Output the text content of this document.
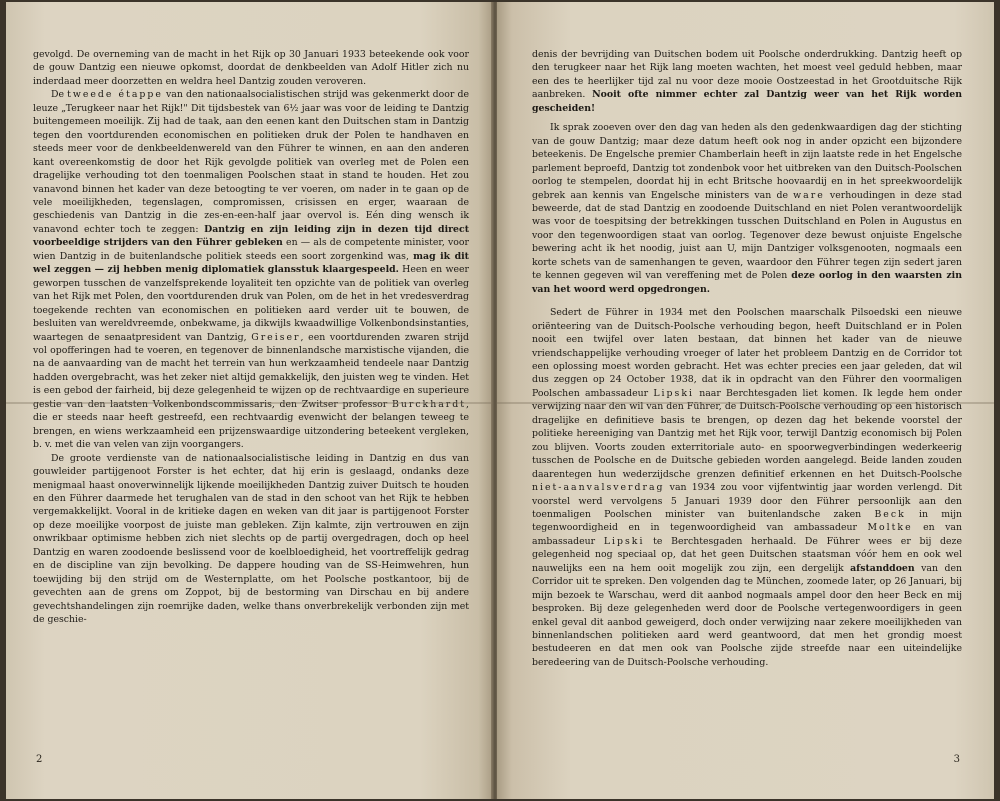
gevolgd. De overneming van de macht in het Rijk op 30 Januari 1933 beteekende ook voor de gouw Dantzig een nieuwe opkomst, doordat de denkbeelden van Adolf Hitler zich nu inderdaad meer doorzetten en weldra heel Dantzig zouden veroveren.

De tweede étappe van den nationaalsocialistischen strijd was gekenmerkt door de leuze „Terugkeer naar het Rijk!" Dit tijdsbestek van 6½ jaar was voor de leiding te Dantzig buitengemeen moeilijk. Zij had de taak, aan den eenen kant den Duitschen stam in Dantzig tegen den voortdurenden economischen en politieken druk der Polen te handhaven en steeds meer voor de denkbeeldenwereld van den Führer te winnen, en aan den anderen kant overeenkomstig de door het Rijk gevolgde politiek van overleg met de Polen een dragelijke verhouding tot den toenmaligen Poolschen staat in stand te houden. Het zou vanavond binnen het kader van deze betoogting te ver voeren, om nader in te gaan op de vele moeilijkheden, tegenslagen, compromissen, crisissen en erger, waaraan de geschiedenis van Dantzig in die zes-en-een-half jaar overvol is. Eén ding wensch ik vanavond echter toch te zeggen: Dantzig en zijn leiding zijn in dezen tijd direct voorbeeldige strijders van den Führer gebleken en — als de competente minister, voor wien Dantzig in de buitenlandsche politiek steeds een soort zorgenkind was, mag ik dit wel zeggen — zij hebben menig diplomatiek glansstuk klaargespeeld. Heen en weer geworpen tusschen de vanzelfsprekende loyaliteit ten opzichte van de politiek van overleg van het Rijk met Polen, den voortdurenden druk van Polen, om de het in het vredesverdrag toegekende rechten van economischen en politieken aard verder uit te bouwen, de besluiten van wereldvreemde, onbekwame, ja dikwijls kwaadwillige Volkenbondsinstanties, waartegen de senaatpresident van Dantzig, Greiser, een voortdurenden zwaren strijd vol opofferingen had te voeren, en tegenover de binnenlandsche marxistische vijanden, die na de aanvaarding van de macht het terrein van hun werkzaamheid tendeele naar Dantzig hadden overgebracht, was het zeker niet altijd gemakkelijk, den juisten weg te vinden. Het is een gebod der fairheid, bij deze gelegenheid te wijzen op de rechtvaardige en superieure gestie van den laatsten Volkenbondscommissaris, den Zwitser professor Burckhardt, die er steeds naar heeft gestreefd, een rechtvaardig evenwicht der belangen teweeg te brengen, en wiens werkzaamheid een prijzenswaardige uitzondering beteekent vergleken, b. v. met die van velen van zijn voorgangers.

De groote verdienste van de nationaalsocialistische leiding in Dantzig en dus van gouwleider partijgenoot Forster is het echter, dat hij erin is geslaagd, ondanks deze menigmaal haast onoverwinnelijk lijkende moeilijkheden Dantzig zuiver Duitsch te houden en den Führer daarmede het terughalen van de stad in den schoot van het Rijk te hebben vergemakkelijkt. Vooral in de kritieke dagen en weken van dit jaar is partijgenoot Forster op deze moeilijke voorpost de juiste man gebleken. Zijn kalmte, zijn vertrouwen en zijn onwrikbaar optimisme hebben zich niet slechts op de partij overgedragen, doch op heel Dantzig en waren zoodoende beslissend voor de koelbloedigheid, het voortreffelijk gedrag en de discipline van zijn bevolking. De dappere houding van de SS-Heimwehren, hun toewijding bij den strijd om de Westernplatte, om het Poolsche postkantoor, bij de gevechten aan de grens om Zoppot, bij de bestorming van Dirschau en bij andere gevechtshandelingen zijn roemrijke daden, welke thans onverbrekelijk verbonden zijn met de geschie-

2

denis der bevrijding van Duitschen bodem uit Poolsche onderdrukking. Dantzig heeft op den terugkeer naar het Rijk lang moeten wachten, het moest veel geduld hebben, maar een des te heerlijker tijd zal nu voor deze mooie Oostzeestad in het Grootduitsche Rijk aanbreken. Nooit ofte nimmer echter zal Dantzig weer van het Rijk worden gescheiden!

Ik sprak zooeven over den dag van heden als den gedenkwaardigen dag der stichting van de gouw Dantzig; maar deze datum heeft ook nog in ander opzicht een bijzondere beteekenis. De Engelsche premier Chamberlain heeft in zijn laatste rede in het Engelsche parlement beproefd, Dantzig tot zondenbok voor het uitbreken van den Duitsch-Poolschen oorlog te stempelen, doordat hij in echt Britsche hoovaardij en in het spreekwoordelijk gebrek aan kennis van Engelsche ministers van de ware verhoudingen in deze stad beweerde, dat de stad Dantzig en zoodoende Duitschland en niet Polen verantwoordelijk was voor de toespitsing der betrekkingen tusschen Duitschland en Polen in Augustus en voor den tegenwoordigen staat van oorlog. Tegenover deze bewust onjuiste Engelsche bewering acht ik het noodig, juist aan U, mijn Dantziger volksgenooten, nogmaals een korte schets van de samenhangen te geven, waardoor den Führer tegen zijn sedert jaren te kennen gegeven wil van vereffening met de Polen deze oorlog in den waarsten zin van het woord werd opgedrongen.

Sedert de Führer in 1934 met den Poolschen maarschalk Pilsoedski een nieuwe oriënteering van de Duitsch-Poolsche verhouding begon, heeft Duitschland er in Polen nooit een twijfel over laten bestaan, dat binnen het kader van de nieuwe vriendschappelijke verhouding vroeger of later het probleem Dantzig en de Corridor tot een oplossing moest worden gebracht. Het was echter precies een jaar geleden, dat wil dus zeggen op 24 October 1938, dat ik in opdracht van den Führer den voormaligen Poolschen ambassadeur Lipski naar Berchtesgaden liet komen. Ik legde hem onder verwijzing naar den wil van den Führer, de Duitsch-Poolsche verhouding op een historisch dragelijke en definitieve basis te brengen, op dezen dag het bekende voorstel der politieke hereeniging van Dantzig met het Rijk voor, terwijl Dantzig economisch bij Polen zou blijven. Voorts zouden exterritoriale auto- en spoorwegverbindingen wederkeerig tusschen de Poolsche en de Duitsche gebieden worden aangelegd. Beide landen zouden daarentegen hun wederzijdsche grenzen definitief erkennen en het Duitsch-Poolsche niet-aanvalsverdrag van 1934 zou voor vijfentwintig jaar worden verlengd. Dit voorstel werd vervolgens 5 Januari 1939 door den Führer persoonlijk aan den toenmaligen Poolschen minister van buitenlandsche zaken Beck in mijn tegenwoordigheid en in tegenwoordigheid van ambassadeur Moltke en van ambassadeur Lipski te Berchtesgaden herhaald. De Führer wees er bij deze gelegenheid nog speciaal op, dat het geen Duitschen staatsman vóór hem en ook wel nauwelijks een na hem ooit mogelijk zou zijn, een dergelijk afstanddoen van den Corridor uit te spreken. Den volgenden dag te München, zoomede later, op 26 Januari, bij mijn bezoek te Warschau, werd dit aanbod nogmaals ampel door den heer Beck en mij besproken. Bij deze gelegenheden werd door de Poolsche vertegenwoordigers in geen enkel geval dit aanbod geweigerd, doch onder verwijzing naar zekere moeilijkheden van binnenlandschen politieken aard werd geantwoord, dat men het grondig moest bestudeeren en dat men ook van Poolsche zijde streefde naar een uiteindelijke beredeering van de Duitsch-Poolsche verhouding.

3
